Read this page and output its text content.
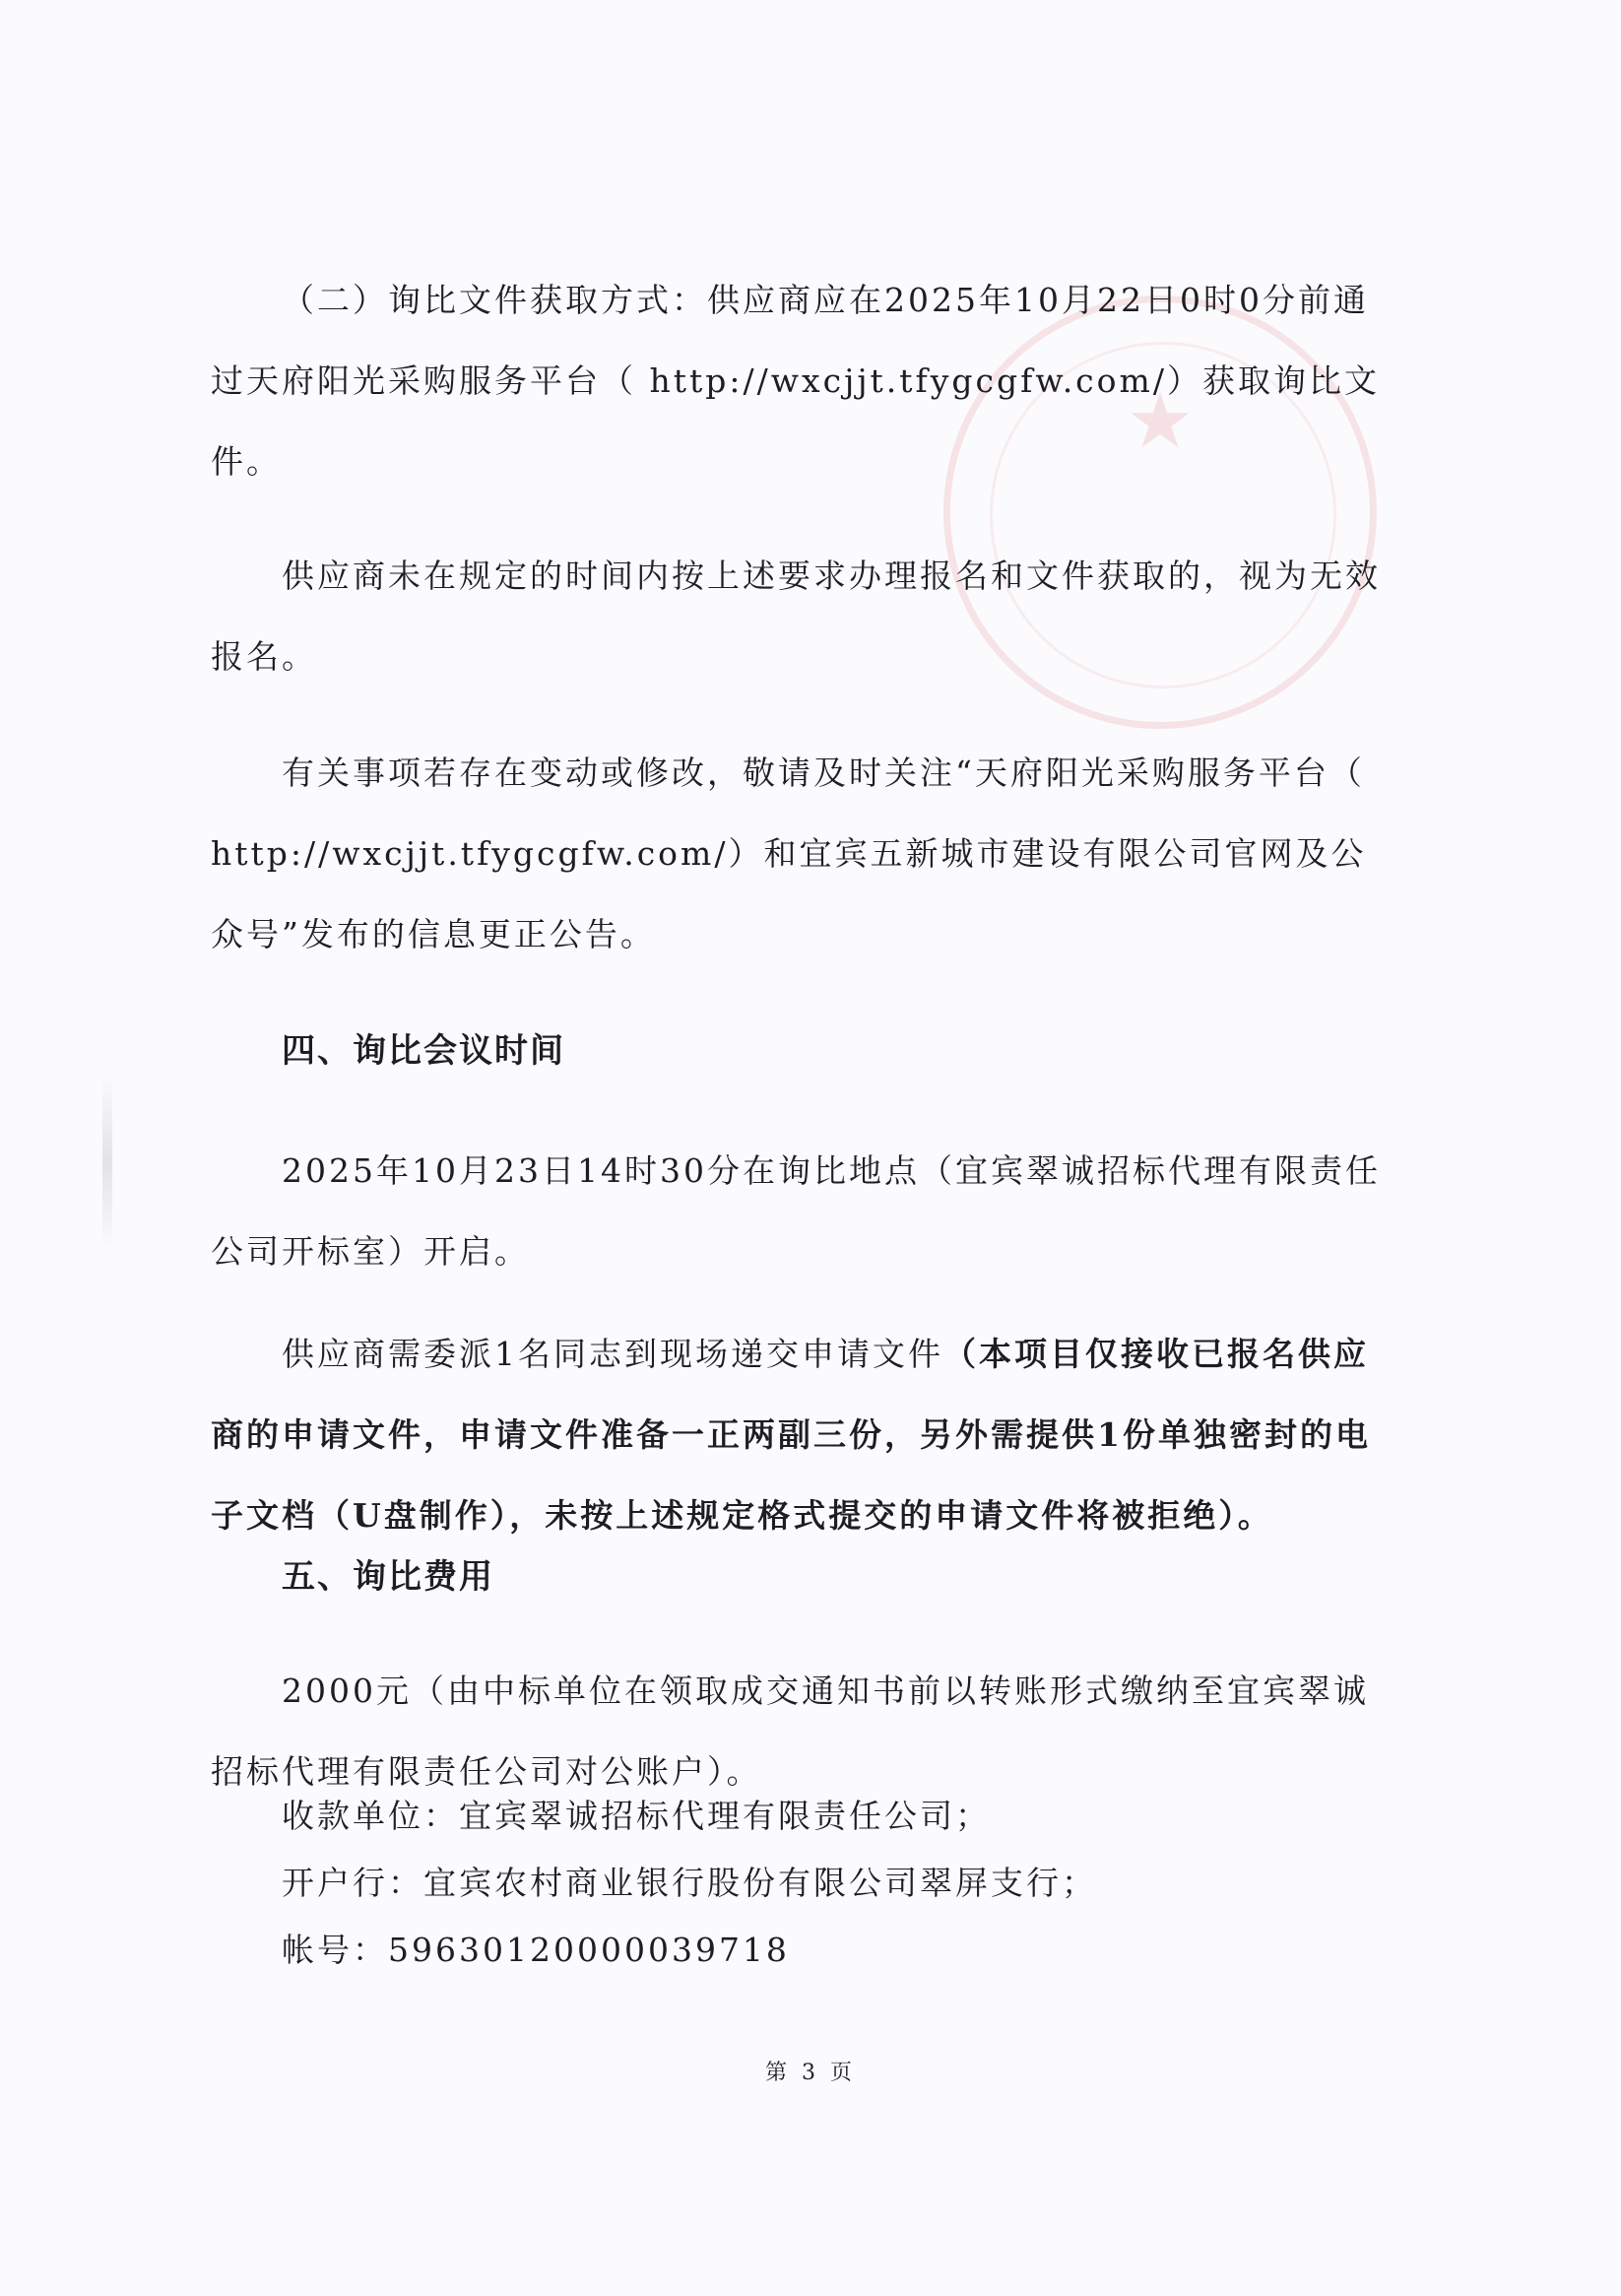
★

（二）询比文件获取方式：供应商应在2025年10月22日0时0分前通过天府阳光采购服务平台（ http://wxcjjt.tfygcgfw.com/）获取询比文件。

供应商未在规定的时间内按上述要求办理报名和文件获取的，视为无效报名。

有关事项若存在变动或修改，敬请及时关注“天府阳光采购服务平台（ http://wxcjjt.tfygcgfw.com/）和宜宾五新城市建设有限公司官网及公众号”发布的信息更正公告。

四、询比会议时间

2025年10月23日14时30分在询比地点（宜宾翠诚招标代理有限责任公司开标室）开启。

供应商需委派1名同志到现场递交申请文件（本项目仅接收已报名供应商的申请文件，申请文件准备一正两副三份，另外需提供1份单独密封的电子文档（U盘制作），未按上述规定格式提交的申请文件将被拒绝）。

五、询比费用

2000元（由中标单位在领取成交通知书前以转账形式缴纳至宜宾翠诚招标代理有限责任公司对公账户）。

收款单位：宜宾翠诚招标代理有限责任公司；

开户行：宜宾农村商业银行股份有限公司翠屏支行；

帐号：59630120000039718

第 3 页
